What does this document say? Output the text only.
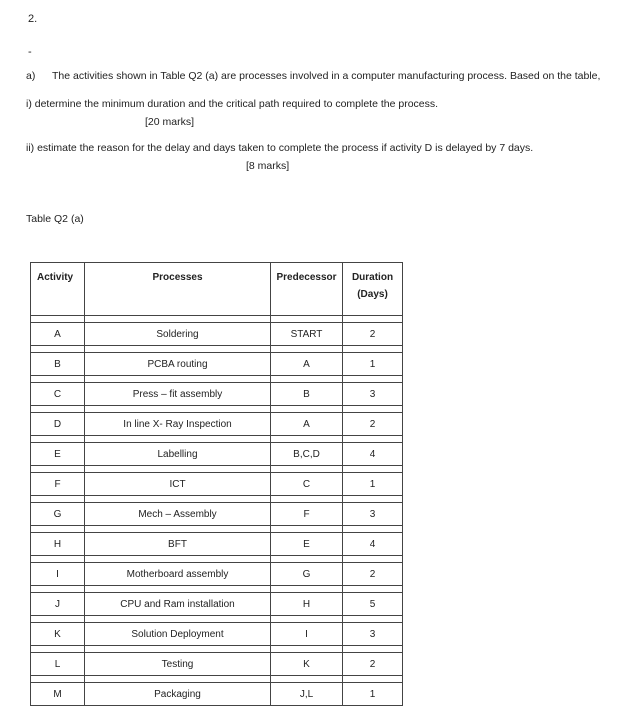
2.
-
a) The activities shown in Table Q2 (a) are processes involved in a computer manufacturing process. Based on the table,
i) determine the minimum duration and the critical path required to complete the process.
[20 marks]
ii) estimate the reason for the delay and days taken to complete the process if activity D is delayed by 7 days.
[8 marks]
Table Q2 (a)
Activity	Processes	Predecessor	Duration
(Days)

A	Soldering	START	2

B	PCBA routing	A	1

C	Press – fit assembly	B	3

D	In line X- Ray Inspection	A	2

E	Labelling	B,C,D	4

F	ICT	C	1

G	Mech – Assembly	F	3

H	BFT	E	4

I	Motherboard assembly	G	2

J	CPU and Ram installation	H	5

K	Solution Deployment	I	3

L	Testing	K	2

M	Packaging	J,L	1
